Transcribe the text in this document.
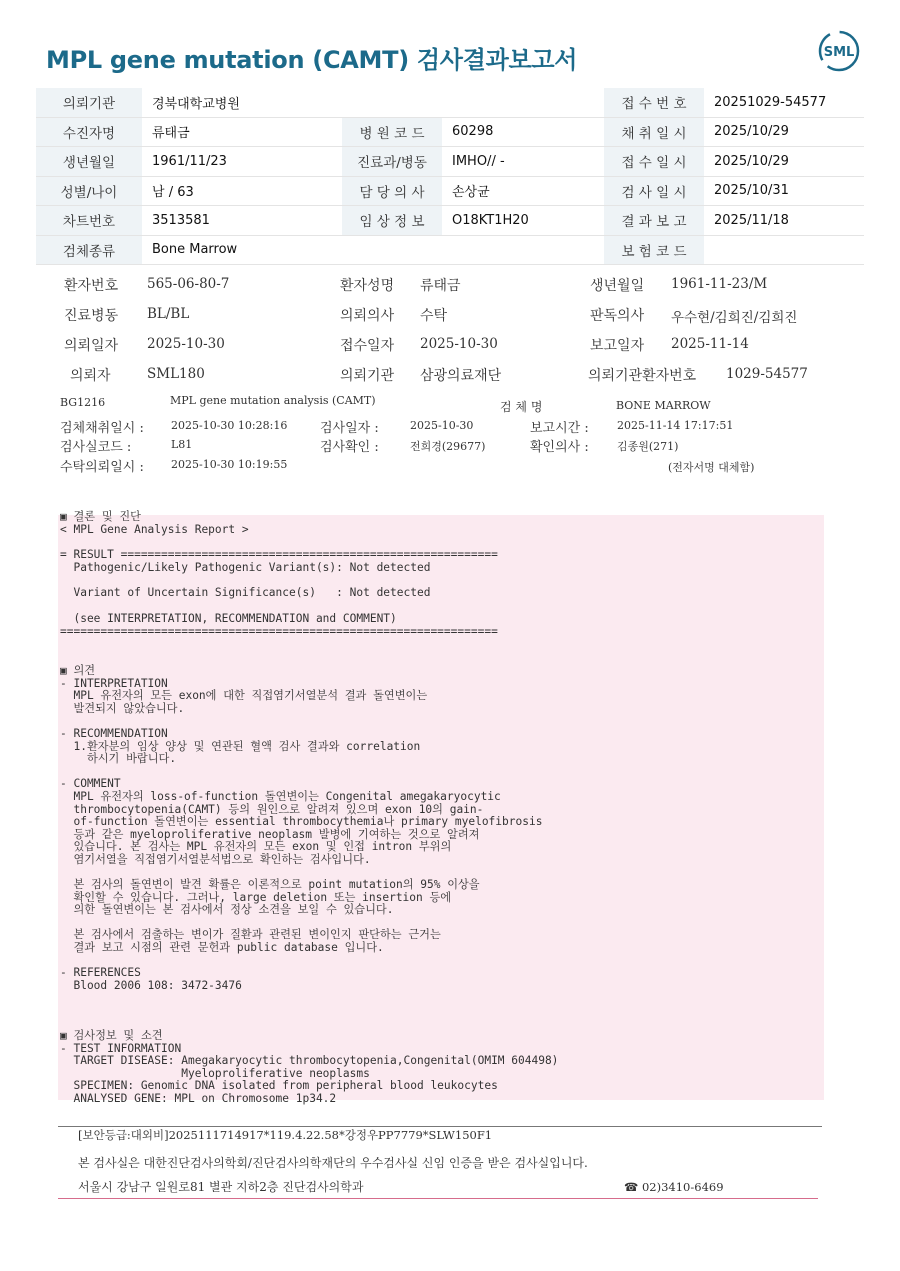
MPL gene mutation (CAMT) 검사결과보고서	SML
의뢰기관	경북대학교병원			접 수 번 호	20251029-54577
수진자명	류태금	병 원 코 드	60298	채 취 일 시	2025/10/29
생년월일	1961/11/23	진료과/병동	IMHO// -	접 수 일 시	2025/10/29
성별/나이	남 / 63	담 당 의 사	손상균	검 사 일 시	2025/10/31
차트번호	3513581	임 상 정 보	O18KT1H20	결 과 보 고	2025/11/18
검체종류	Bone Marrow			보 험 코 드	
환자번호 565-06-80-7	환자성명 류태금	생년월일 1961-11-23/M
진료병동 BL/BL	의뢰의사 수탁	판독의사 우수현/김희진/김희진
의뢰일자 2025-10-30	접수일자 2025-10-30	보고일자 2025-11-14
의뢰자	SML180	의뢰기관 삼광의료재단	의뢰기관환자번호 1029-54577
BG1216	MPL gene mutation analysis (CAMT)	검 체 명	BONE MARROW
검체채취일시 : 2025-10-30 10:28:16	검사일자 :	2025-10-30	보고시간 :	2025-11-14 17:17:51
검사실코드 :	L81	검사확인 :	전희경(29677)	확인의사 :	김종원(271)
수탁의뢰일시 : 2025-10-30 10:19:55	(전자서명 대체함)
▣ 결론 및 진단
< MPL Gene Analysis Report >
= RESULT ========================================================
Pathogenic/Likely Pathogenic Variant(s): Not detected

Variant of Uncertain Significance(s)   : Not detected

(see INTERPRETATION, RECOMMENDATION and COMMENT)
=================================================================
▣ 의견
- INTERPRETATION
MPL 유전자의 모든 exon에 대한 직접염기서열분석 결과 돌연변이는
발견되지 않았습니다.

- RECOMMENDATION
1.환자분의 임상 양상 및 연관된 혈액 검사 결과와 correlation
하시기 바랍니다.

- COMMENT
MPL 유전자의 loss-of-function 돌연변이는 Congenital amegakaryocytic
thrombocytopenia(CAMT) 등의 원인으로 알려져 있으며 exon 10의 gain-
of-function 돌연변이는 essential thrombocythemia나 primary myelofibrosis
등과 같은 myeloproliferative neoplasm 발병에 기여하는 것으로 알려져
있습니다. 본 검사는 MPL 유전자의 모든 exon 및 인접 intron 부위의
염기서열을 직접염기서열분석법으로 확인하는 검사입니다.

본 검사의 돌연변이 발견 확률은 이론적으로 point mutation의 95% 이상을
확인할 수 있습니다. 그러나, large deletion 또는 insertion 등에
의한 돌연변이는 본 검사에서 정상 소견을 보일 수 있습니다.

본 검사에서 검출하는 변이가 질환과 관련된 변이인지 판단하는 근거는
결과 보고 시점의 관련 문헌과 public database 입니다.

- REFERENCES
Blood 2006 108: 3472-3476
▣ 검사정보 및 소견
- TEST INFORMATION
TARGET DISEASE: Amegakaryocytic thrombocytopenia,Congenital(OMIM 604498)
Myeloproliferative neoplasms
SPECIMEN: Genomic DNA isolated from peripheral blood leukocytes
ANALYSED GENE: MPL on Chromosome 1p34.2
[보안등급:대외비]2025111714917*119.4.22.58*강정우PP7779*SLW150F1
본 검사실은 대한진단검사의학회/진단검사의학재단의 우수검사실 신임 인증을 받은 검사실입니다.
서울시 강남구 일원로81 별관 지하2층 진단검사의학과	☎ 02)3410-6469
